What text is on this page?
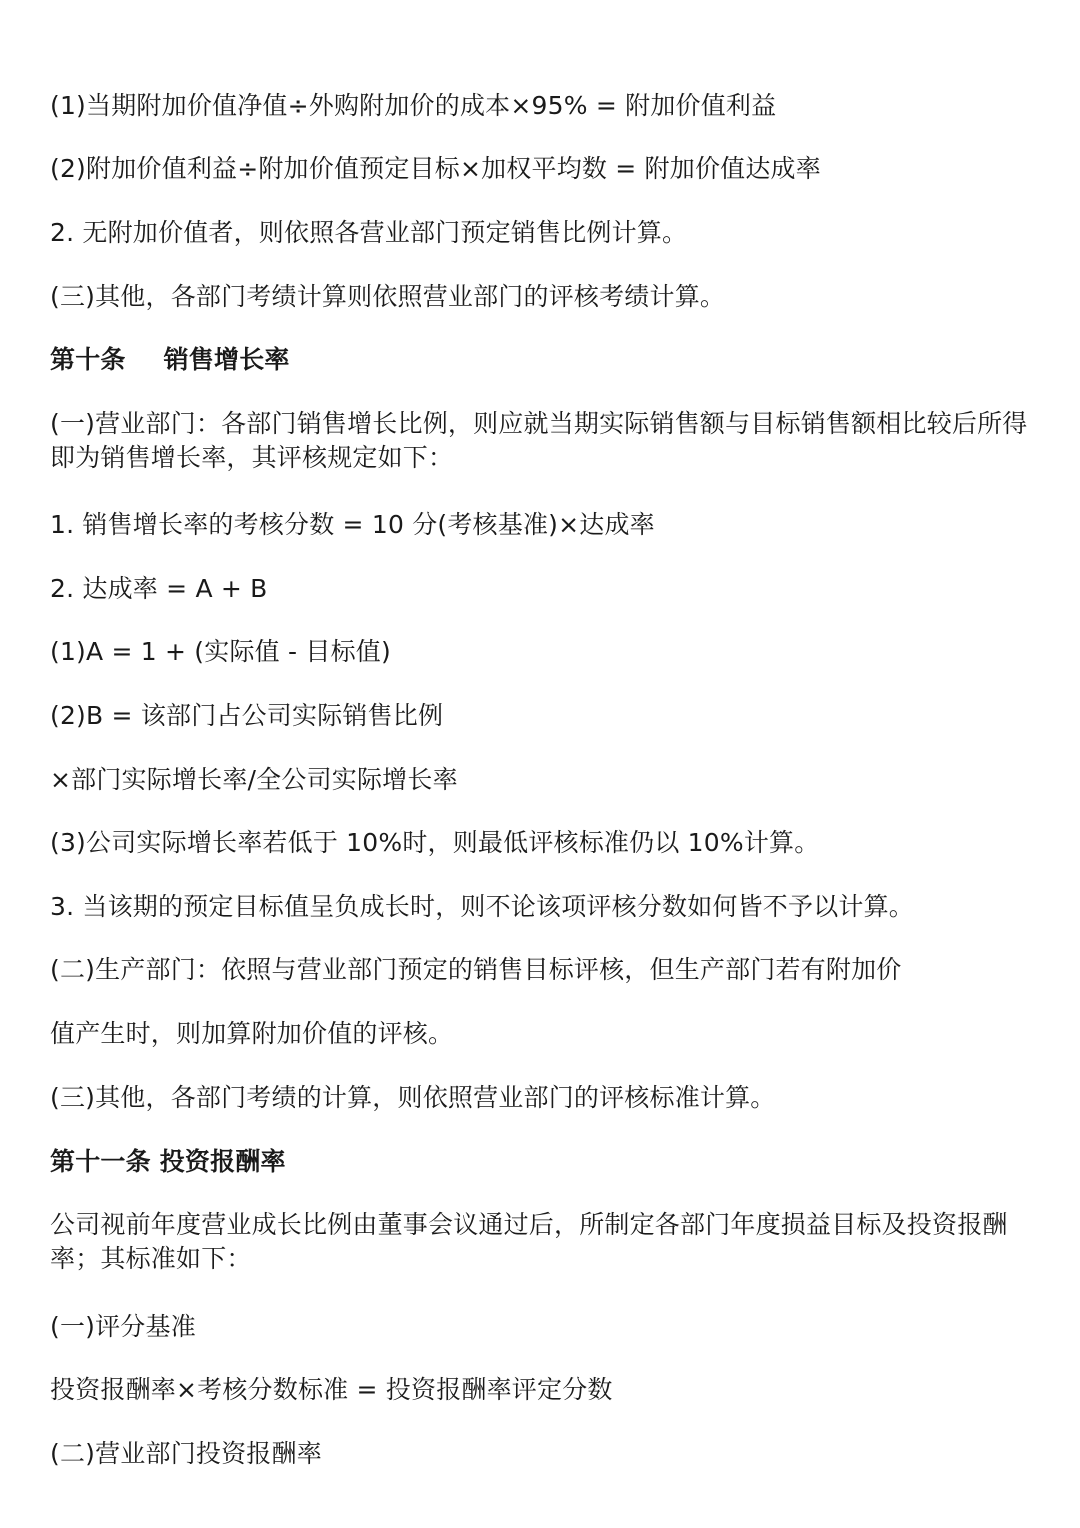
(1)当期附加价值净值÷外购附加价的成本×95% = 附加价值利益
(2)附加价值利益÷附加价值预定目标×加权平均数 = 附加价值达成率
2. 无附加价值者，则依照各营业部门预定销售比例计算。
(三)其他，各部门考绩计算则依照营业部门的评核考绩计算。
第十条 销售增长率
(一)营业部门：各部门销售增长比例，则应就当期实际销售额与目标销售额相比较后所得即为销售增长率，其评核规定如下：
1. 销售增长率的考核分数 = 10 分(考核基准)×达成率
2. 达成率 = A + B
(1)A = 1 + (实际值 - 目标值)
(2)B = 该部门占公司实际销售比例
×部门实际增长率/全公司实际增长率
(3)公司实际增长率若低于 10%时，则最低评核标准仍以 10%计算。
3. 当该期的预定目标值呈负成长时，则不论该项评核分数如何皆不予以计算。
(二)生产部门：依照与营业部门预定的销售目标评核，但生产部门若有附加价
值产生时，则加算附加价值的评核。
(三)其他，各部门考绩的计算，则依照营业部门的评核标准计算。
第十一条 投资报酬率
公司视前年度营业成长比例由董事会议通过后，所制定各部门年度损益目标及投资报酬率；其标准如下：
(一)评分基准
投资报酬率×考核分数标准 = 投资报酬率评定分数
(二)营业部门投资报酬率
